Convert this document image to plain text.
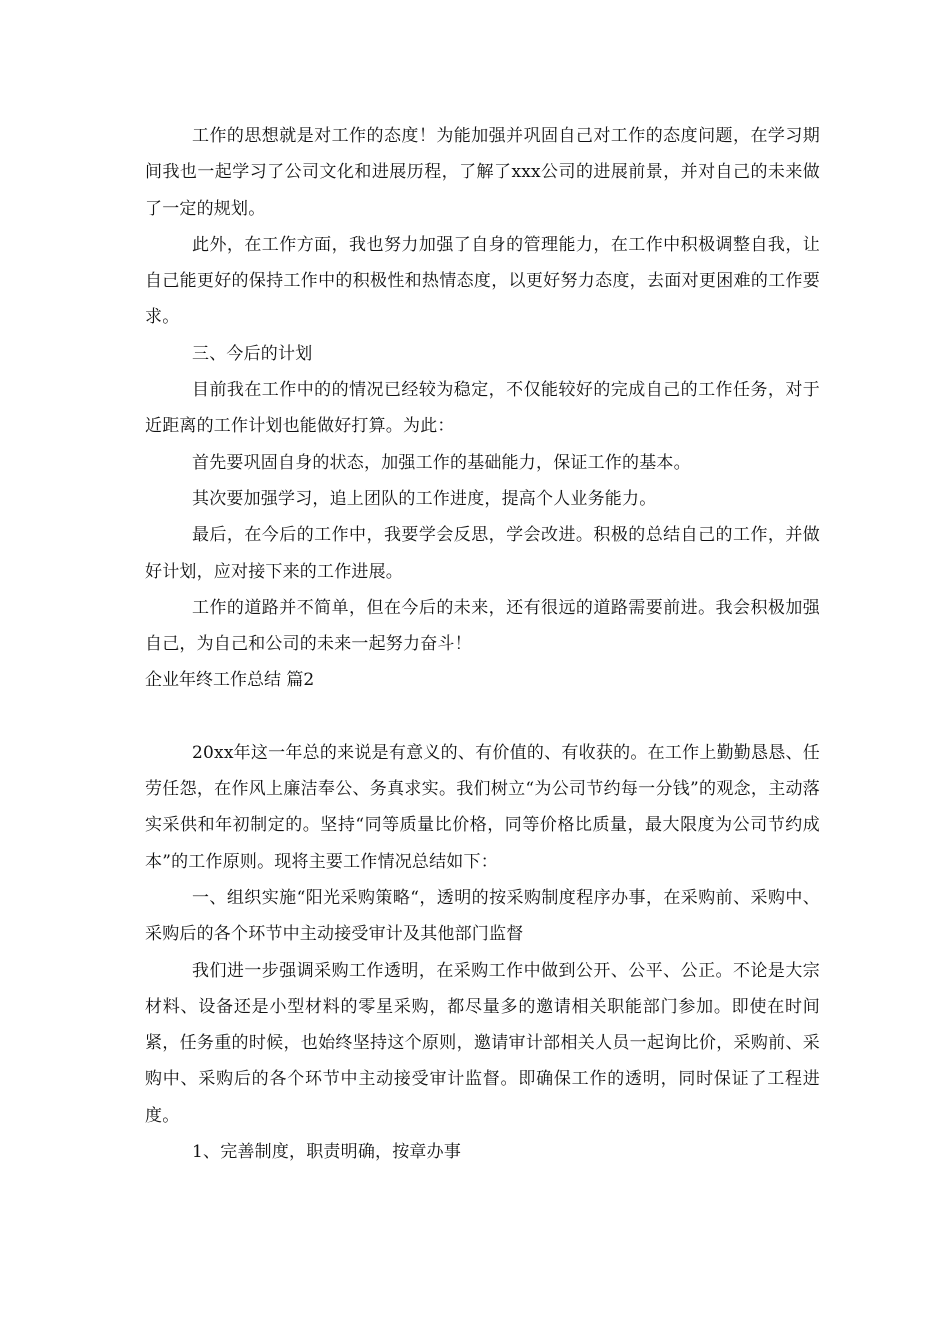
工作的思想就是对工作的态度！为能加强并巩固自己对工作的态度问题，在学习期间我也一起学习了公司文化和进展历程，了解了xxx公司的进展前景，并对自己的未来做了一定的规划。

此外，在工作方面，我也努力加强了自身的管理能力，在工作中积极调整自我，让自己能更好的保持工作中的积极性和热情态度，以更好努力态度，去面对更困难的工作要求。

三、今后的计划

目前我在工作中的的情况已经较为稳定，不仅能较好的完成自己的工作任务，对于近距离的工作计划也能做好打算。为此：

首先要巩固自身的状态，加强工作的基础能力，保证工作的基本。

其次要加强学习，追上团队的工作进度，提高个人业务能力。

最后，在今后的工作中，我要学会反思，学会改进。积极的总结自己的工作，并做好计划，应对接下来的工作进展。

工作的道路并不简单，但在今后的未来，还有很远的道路需要前进。我会积极加强自己，为自己和公司的未来一起努力奋斗！

企业年终工作总结 篇2

20xx年这一年总的来说是有意义的、有价值的、有收获的。在工作上勤勤恳恳、任劳任怨，在作风上廉洁奉公、务真求实。我们树立“为公司节约每一分钱”的观念，主动落实采供和年初制定的。坚持“同等质量比价格，同等价格比质量，最大限度为公司节约成本”的工作原则。现将主要工作情况总结如下：

一、组织实施“阳光采购策略“，透明的按采购制度程序办事，在采购前、采购中、采购后的各个环节中主动接受审计及其他部门监督

我们进一步强调采购工作透明，在采购工作中做到公开、公平、公正。不论是大宗材料、设备还是小型材料的零星采购，都尽量多的邀请相关职能部门参加。即使在时间紧，任务重的时候，也始终坚持这个原则，邀请审计部相关人员一起询比价，采购前、采购中、采购后的各个环节中主动接受审计监督。即确保工作的透明，同时保证了工程进度。

1、完善制度，职责明确，按章办事
